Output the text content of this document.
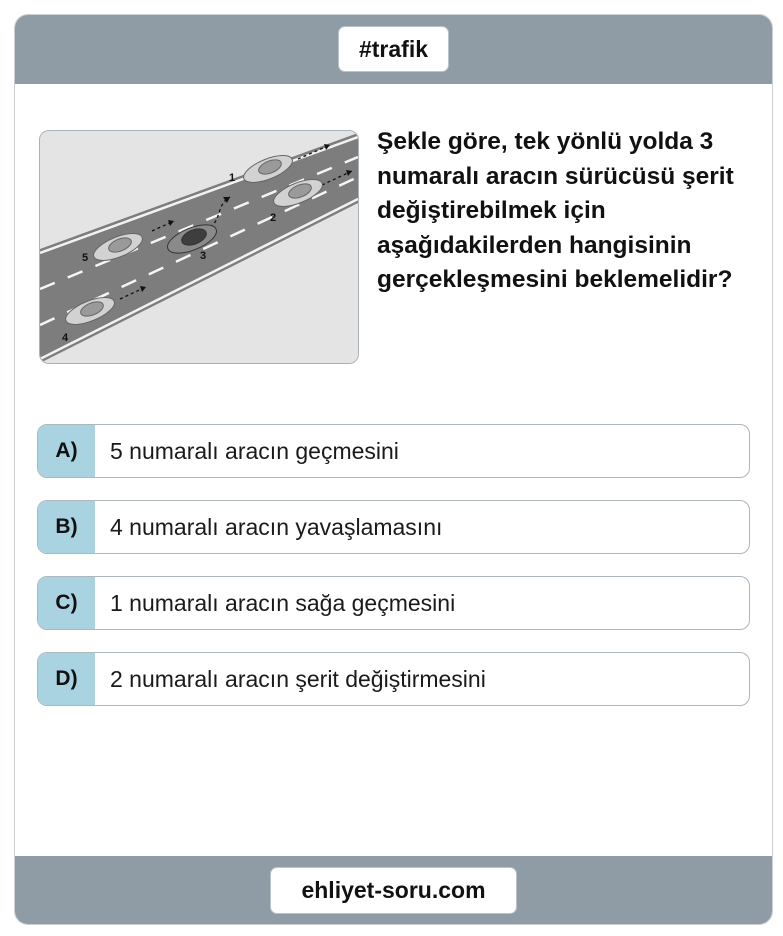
#trafik
1
2
3
4
5
Şekle göre, tek yönlü yolda 3 numaralı aracın sürücüsü şerit değiştirebilmek için aşağıdakilerden hangisinin gerçekleşmesini beklemelidir?
A)	5 numaralı aracın geçmesini
B)	4 numaralı aracın yavaşlamasını
C)	1 numaralı aracın sağa geçmesini
D)	2 numaralı aracın şerit değiştirmesini
ehliyet-soru.com
